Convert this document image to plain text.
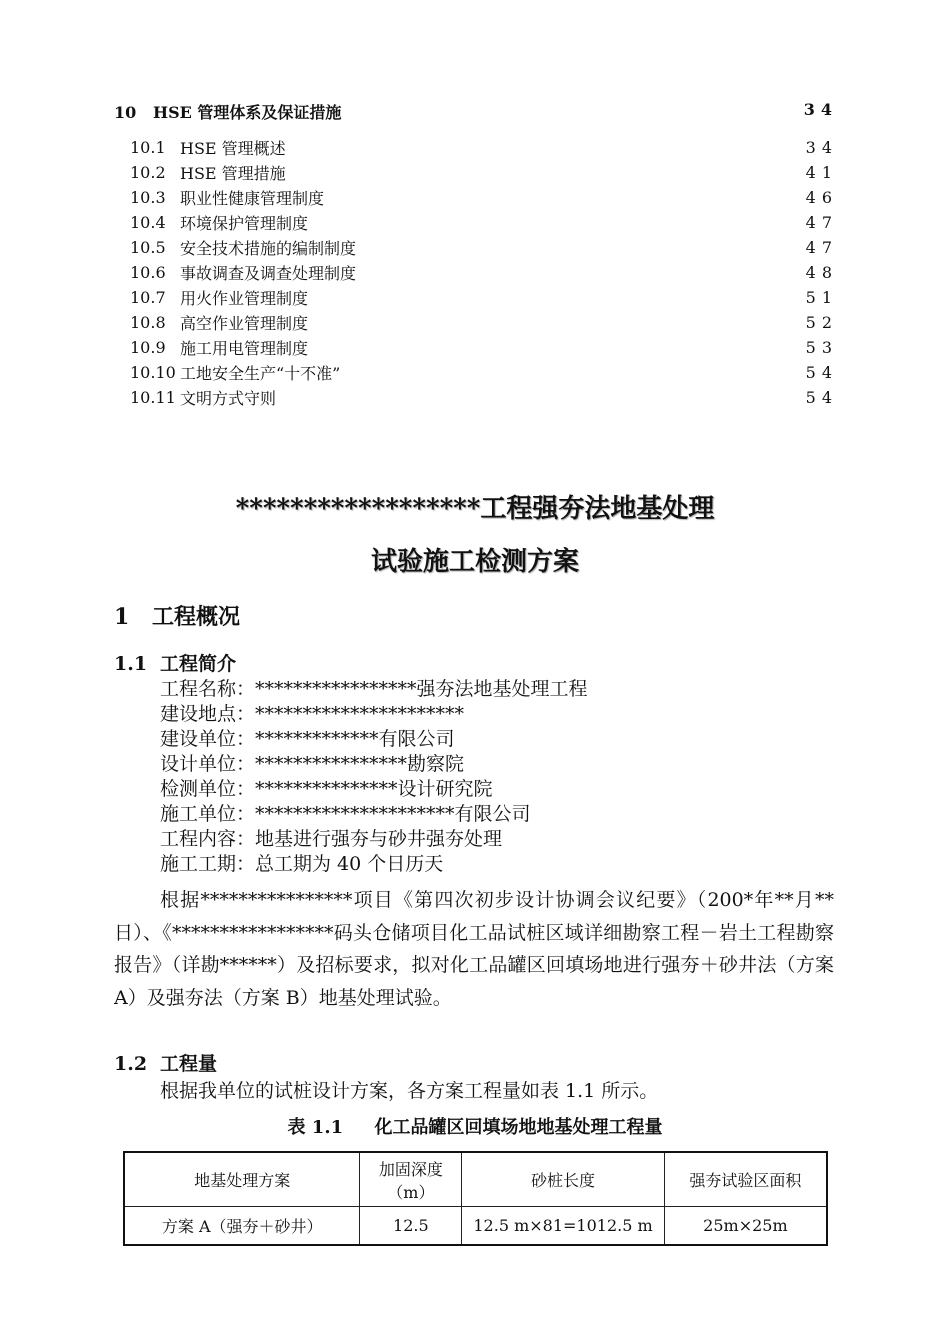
10   HSE 管理体系及保证措施	34
10.1 HSE 管理概述	34
10.2 HSE 管理措施	41
10.3 职业性健康管理制度	46
10.4 环境保护管理制度	47
10.5 安全技术措施的编制制度	47
10.6 事故调查及调查处理制度	48
10.7 用火作业管理制度	51
10.8 高空作业管理制度	52
10.9 施工用电管理制度	53
10.10 工地安全生产“十不准”	54
10.11 文明方式守则	54
******************工程强夯法地基处理
试验施工检测方案
1 工程概况
1.1 工程简介
工程名称：*****************强夯法地基处理工程
建设地点：**********************
建设单位：*************有限公司
设计单位：****************勘察院
检测单位：***************设计研究院
施工单位：*********************有限公司
工程内容：地基进行强夯与砂井强夯处理
施工工期：总工期为 40 个日历天

根据****************项目《第四次初步设计协调会议纪要》（200*年**月**日）、《*****************码头仓储项目化工品试桩区域详细勘察工程－岩土工程勘察报告》（详勘******）及招标要求，拟对化工品罐区回填场地进行强夯＋砂井法（方案 A）及强夯法（方案 B）地基处理试验。

1.2 工程量
根据我单位的试桩设计方案，各方案工程量如表 1.1 所示。
表 1.1     化工品罐区回填场地地基处理工程量
地基处理方案	加固深度（m）	砂桩长度	强夯试验区面积
方案 A（强夯＋砂井）	12.5	12.5 m×81=1012.5 m	25m×25m
